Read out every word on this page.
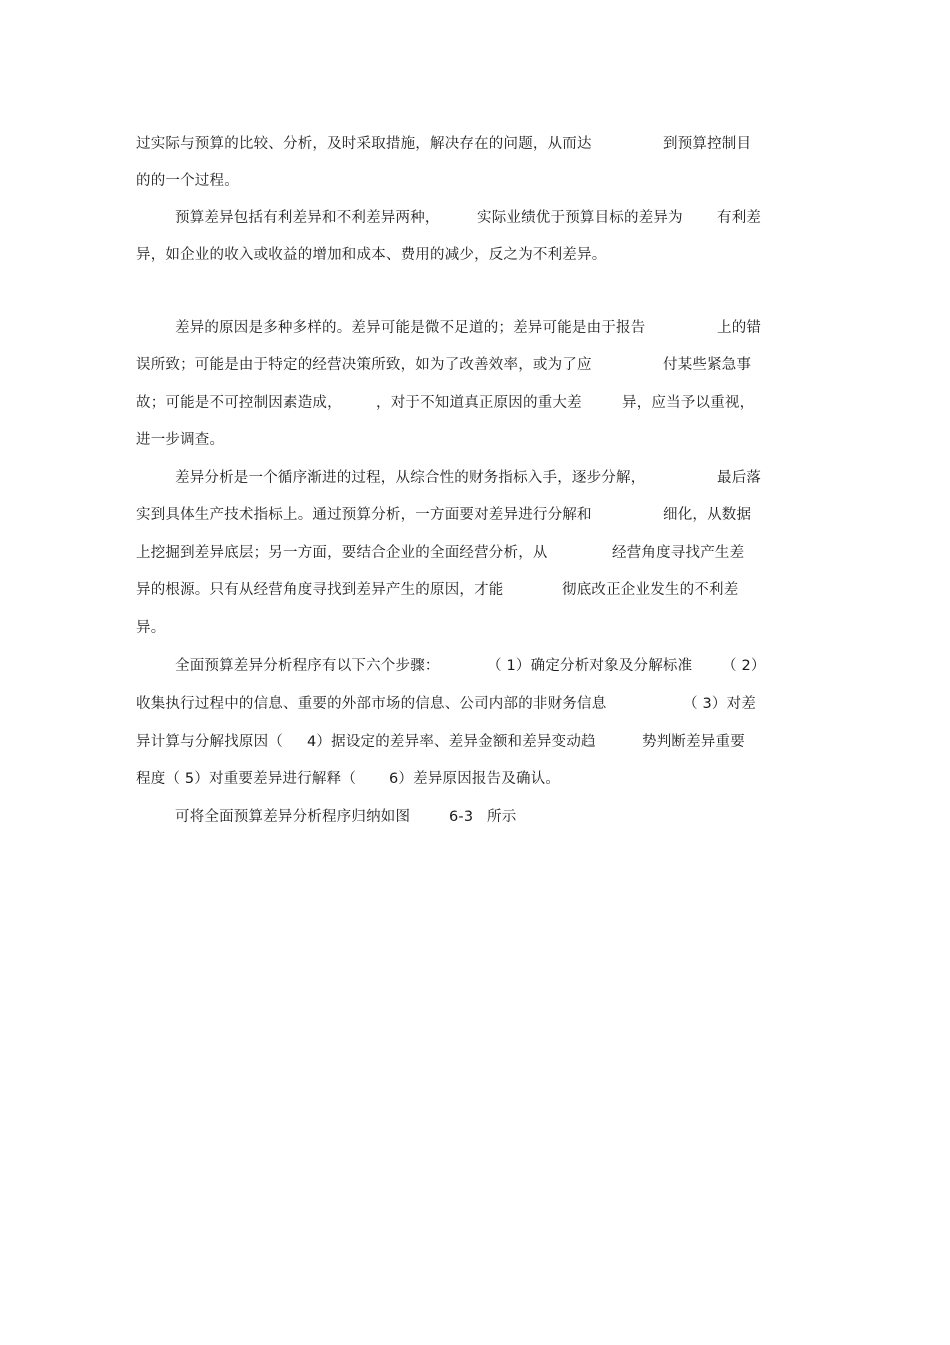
过实际与预算的比较、分析，及时采取措施，解决存在的问题，从而达	到预算控制目
的的一个过程。
预算差异包括有利差异和不利差异两种，	实际业绩优于预算目标的差异为 有利差
异，如企业的收入或收益的增加和成本、费用的减少，反之为不利差异。
差异的原因是多种多样的。差异可能是微不足道的；差异可能是由于报告	上的错
误所致；可能是由于特定的经营决策所致，如为了改善效率，或为了应	付某些紧急事
故；可能是不可控制因素造成， ，对于不知道真正原因的重大差	异，应当予以重视，
进一步调查。
差异分析是一个循序渐进的过程，从综合性的财务指标入手，逐步分解，	最后落
实到具体生产技术指标上。通过预算分析，一方面要对差异进行分解和	细化，从数据
上挖掘到差异底层；另一方面，要结合企业的全面经营分析，从	经营角度寻找产生差
异的根源。只有从经营角度寻找到差异产生的原因，才能	彻底改正企业发生的不利差
异。
全面预算差异分析程序有以下六个步骤：	（ 1）确定分析对象及分解标准 （ 2）
收集执行过程中的信息、重要的外部市场的信息、公司内部的非财务信息	（ 3）对差
异计算与分解找原因（ 4）据设定的差异率、差异金额和差异变动趋	势判断差异重要
程度（ 5）对重要差异进行解释（ 6）差异原因报告及确认。
可将全面预算差异分析程序归纳如图	6-3 所示
